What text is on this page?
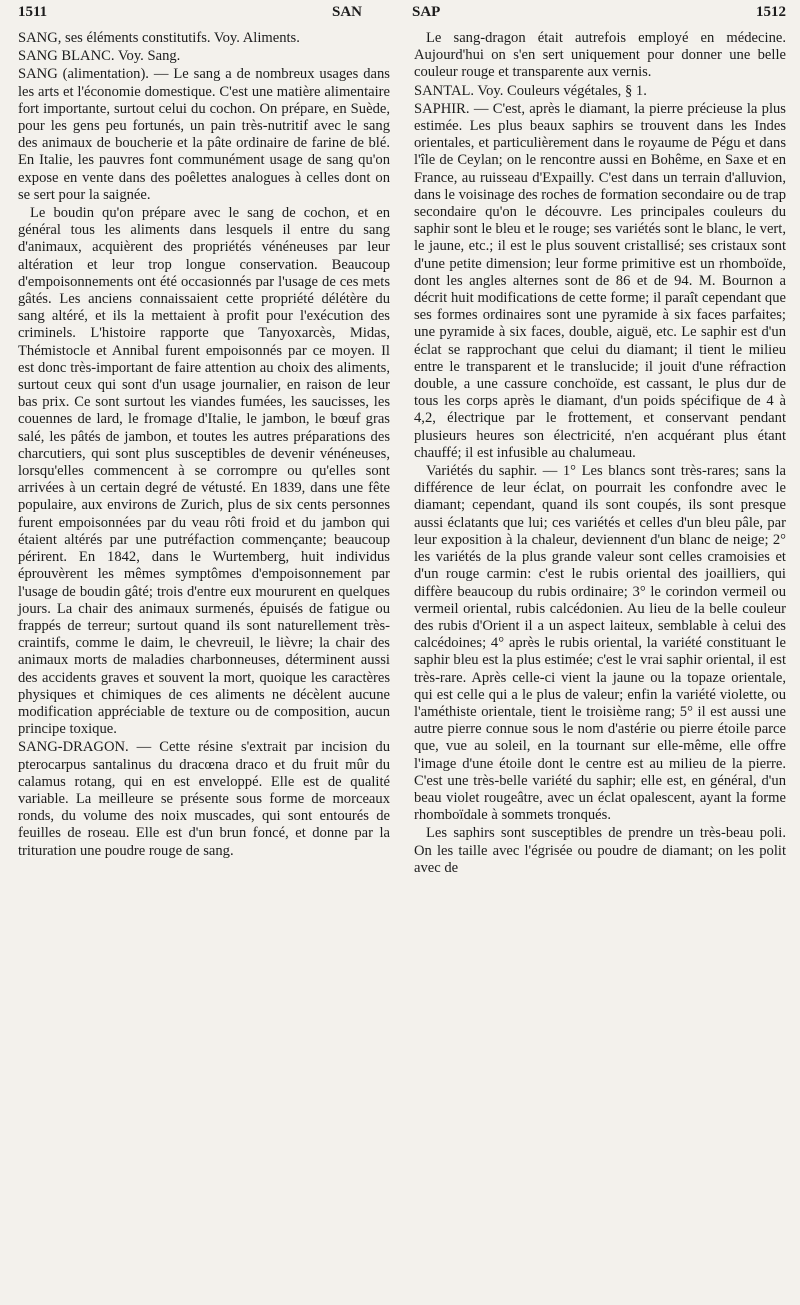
1511	SAN	SAP	1512

SANG, ses éléments constitutifs. Voy. Aliments.

SANG BLANC. Voy. Sang.

SANG (alimentation). — Le sang a de nombreux usages dans les arts et l'économie domestique. C'est une matière alimentaire fort importante, surtout celui du cochon. On prépare, en Suède, pour les gens peu fortunés, un pain très-nutritif avec le sang des animaux de boucherie et la pâte ordinaire de farine de blé. En Italie, les pauvres font communément usage de sang qu'on expose en vente dans des poêlettes analogues à celles dont on se sert pour la saignée.

Le boudin qu'on prépare avec le sang de cochon, et en général tous les aliments dans lesquels il entre du sang d'animaux, acquièrent des propriétés vénéneuses par leur altération et leur trop longue conservation. Beaucoup d'empoisonnements ont été occasionnés par l'usage de ces mets gâtés. Les anciens connaissaient cette propriété délétère du sang altéré, et ils la mettaient à profit pour l'exécution des criminels. L'histoire rapporte que Tanyoxarcès, Midas, Thémistocle et Annibal furent empoisonnés par ce moyen. Il est donc très-important de faire attention au choix des aliments, surtout ceux qui sont d'un usage journalier, en raison de leur bas prix. Ce sont surtout les viandes fumées, les saucisses, les couennes de lard, le fromage d'Italie, le jambon, le bœuf gras salé, les pâtés de jambon, et toutes les autres préparations des charcutiers, qui sont plus susceptibles de devenir vénéneuses, lorsqu'elles commencent à se corrompre ou qu'elles sont arrivées à un certain degré de vétusté. En 1839, dans une fête populaire, aux environs de Zurich, plus de six cents personnes furent empoisonnées par du veau rôti froid et du jambon qui étaient altérés par une putréfaction commençante; beaucoup périrent. En 1842, dans le Wurtemberg, huit individus éprouvèrent les mêmes symptômes d'empoisonnement par l'usage de boudin gâté; trois d'entre eux moururent en quelques jours. La chair des animaux surmenés, épuisés de fatigue ou frappés de terreur; surtout quand ils sont naturellement très-craintifs, comme le daim, le chevreuil, le lièvre; la chair des animaux morts de maladies charbonneuses, déterminent aussi des accidents graves et souvent la mort, quoique les caractères physiques et chimiques de ces aliments ne décèlent aucune modification appréciable de texture ou de composition, aucun principe toxique.

SANG-DRAGON. — Cette résine s'extrait par incision du pterocarpus santalinus du dracœna draco et du fruit mûr du calamus rotang, qui en est enveloppé. Elle est de qualité variable. La meilleure se présente sous forme de morceaux ronds, du volume des noix muscades, qui sont entourés de feuilles de roseau. Elle est d'un brun foncé, et donne par la trituration une poudre rouge de sang.

Le sang-dragon était autrefois employé en médecine. Aujourd'hui on s'en sert uniquement pour donner une belle couleur rouge et transparente aux vernis.

SANTAL. Voy. Couleurs végétales, § 1.

SAPHIR. — C'est, après le diamant, la pierre précieuse la plus estimée. Les plus beaux saphirs se trouvent dans les Indes orientales, et particulièrement dans le royaume de Pégu et dans l'île de Ceylan; on le rencontre aussi en Bohême, en Saxe et en France, au ruisseau d'Expailly. C'est dans un terrain d'alluvion, dans le voisinage des roches de formation secondaire ou de trap secondaire qu'on le découvre. Les principales couleurs du saphir sont le bleu et le rouge; ses variétés sont le blanc, le vert, le jaune, etc.; il est le plus souvent cristallisé; ses cristaux sont d'une petite dimension; leur forme primitive est un rhomboïde, dont les angles alternes sont de 86 et de 94. M. Bournon a décrit huit modifications de cette forme; il paraît cependant que ses formes ordinaires sont une pyramide à six faces parfaites; une pyramide à six faces, double, aiguë, etc. Le saphir est d'un éclat se rapprochant que celui du diamant; il tient le milieu entre le transparent et le translucide; il jouit d'une réfraction double, a une cassure conchoïde, est cassant, le plus dur de tous les corps après le diamant, d'un poids spécifique de 4 à 4,2, électrique par le frottement, et conservant pendant plusieurs heures son électricité, n'en acquérant plus étant chauffé; il est infusible au chalumeau.

Variétés du saphir. — 1° Les blancs sont très-rares; sans la différence de leur éclat, on pourrait les confondre avec le diamant; cependant, quand ils sont coupés, ils sont presque aussi éclatants que lui; ces variétés et celles d'un bleu pâle, par leur exposition à la chaleur, deviennent d'un blanc de neige; 2° les variétés de la plus grande valeur sont celles cramoisies et d'un rouge carmin: c'est le rubis oriental des joailliers, qui diffère beaucoup du rubis ordinaire; 3° le corindon vermeil ou vermeil oriental, rubis calcédonien. Au lieu de la belle couleur des rubis d'Orient il a un aspect laiteux, semblable à celui des calcédoines; 4° après le rubis oriental, la variété constituant le saphir bleu est la plus estimée; c'est le vrai saphir oriental, il est très-rare. Après celle-ci vient la jaune ou la topaze orientale, qui est celle qui a le plus de valeur; enfin la variété violette, ou l'améthiste orientale, tient le troisième rang; 5° il est aussi une autre pierre connue sous le nom d'astérie ou pierre étoile parce que, vue au soleil, en la tournant sur elle-même, elle offre l'image d'une étoile dont le centre est au milieu de la pierre. C'est une très-belle variété du saphir; elle est, en général, d'un beau violet rougeâtre, avec un éclat opalescent, ayant la forme rhomboïdale à sommets tronqués.

Les saphirs sont susceptibles de prendre un très-beau poli. On les taille avec l'égrisée ou poudre de diamant; on les polit avec de
